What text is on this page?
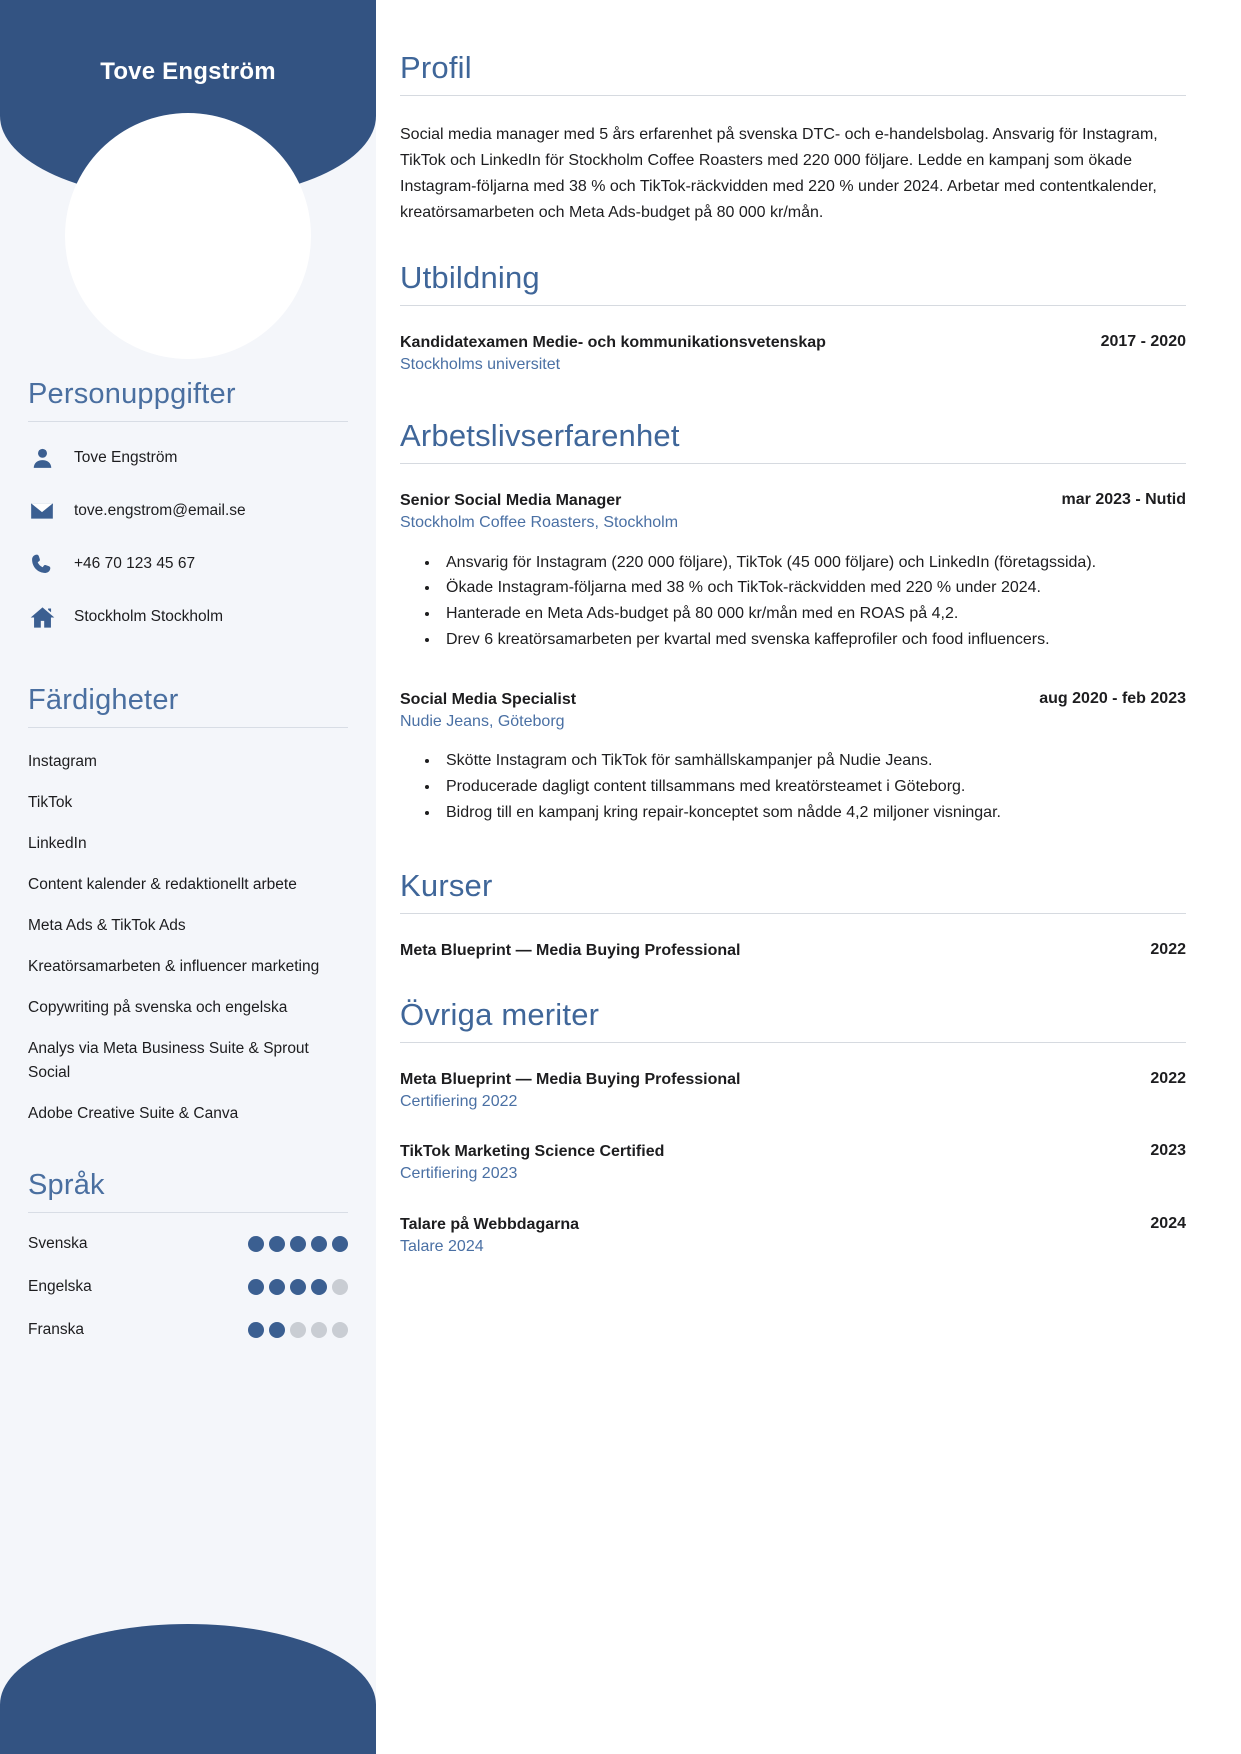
Tove Engström
Personuppgifter
Tove Engström
tove.engstrom@email.se
+46 70 123 45 67
Stockholm Stockholm
Färdigheter
Instagram
TikTok
LinkedIn
Content kalender & redaktionellt arbete
Meta Ads & TikTok Ads
Kreatörsamarbeten & influencer marketing
Copywriting på svenska och engelska
Analys via Meta Business Suite & Sprout Social
Adobe Creative Suite & Canva
Språk
Svenska
Engelska
Franska
Profil

Social media manager med 5 års erfarenhet på svenska DTC- och e-handelsbolag. Ansvarig för Instagram, TikTok och LinkedIn för Stockholm Coffee Roasters med 220 000 följare. Ledde en kampanj som ökade Instagram-följarna med 38 % och TikTok-räckvidden med 220 % under 2024. Arbetar med contentkalender, kreatörsamarbeten och Meta Ads-budget på 80 000 kr/mån.

Utbildning
Kandidatexamen Medie- och kommunikationsvetenskap	2017 - 2020
Stockholms universitet
Arbetslivserfarenhet
Senior Social Media Manager	mar 2023 - Nutid
Stockholm Coffee Roasters, Stockholm
• Ansvarig för Instagram (220 000 följare), TikTok (45 000 följare) och LinkedIn (företagssida).
• Ökade Instagram-följarna med 38 % och TikTok-räckvidden med 220 % under 2024.
• Hanterade en Meta Ads-budget på 80 000 kr/mån med en ROAS på 4,2.
• Drev 6 kreatörsamarbeten per kvartal med svenska kaffeprofiler och food influencers.
Social Media Specialist	aug 2020 - feb 2023
Nudie Jeans, Göteborg
• Skötte Instagram och TikTok för samhällskampanjer på Nudie Jeans.
• Producerade dagligt content tillsammans med kreatörsteamet i Göteborg.
• Bidrog till en kampanj kring repair-konceptet som nådde 4,2 miljoner visningar.
Kurser
Meta Blueprint — Media Buying Professional	2022
Övriga meriter
Meta Blueprint — Media Buying Professional	2022
Certifiering 2022
TikTok Marketing Science Certified	2023
Certifiering 2023
Talare på Webbdagarna	2024
Talare 2024
